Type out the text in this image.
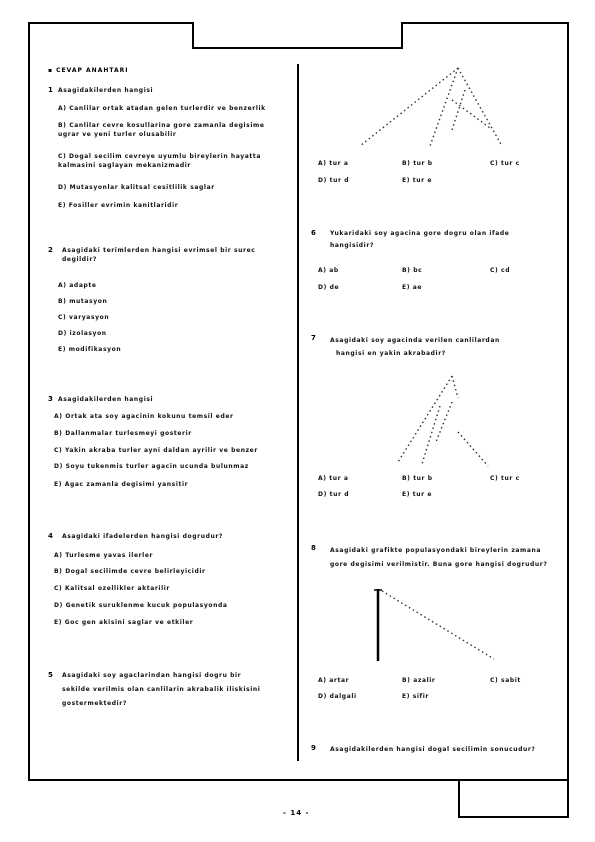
▪ CEVAP ANAHTARI
1 Asagidakilerden hangisi
A) Canlilar ortak atadan gelen turlerdir ve benzerlik
B) Canlilar cevre kosullarina gore zamanla degisime
ugrar ve yeni turler olusabilir
C) Dogal secilim cevreye uyumlu bireylerin hayatta
kalmasini saglayan mekanizmadir
D) Mutasyonlar kalitsal cesitlilik saglar
E) Fosiller evrimin kanitlaridir
2 Asagidaki terimlerden hangisi evrimsel bir surec
degildir?
A) adapte
B) mutasyon
C) varyasyon
D) izolasyon
E) modifikasyon
3 Asagidakilerden hangisi
A) Ortak ata soy agacinin kokunu temsil eder
B) Dallanmalar turlesmeyi gosterir
C) Yakin akraba turler ayni daldan ayrilir ve benzer
D) Soyu tukenmis turler agacin ucunda bulunmaz
E) Agac zamanla degisimi yansitir
4 Asagidaki ifadelerden hangisi dogrudur?
A) Turlesme yavas ilerler
B) Dogal secilimde cevre belirleyicidir
C) Kalitsal ozellikler aktarilir
D) Genetik suruklenme kucuk populasyonda
E) Goc gen akisini saglar ve etkiler
5 Asagidaki soy agaclarindan hangisi dogru bir
sekilde verilmis olan canlilarin akrabalik iliskisini
gostermektedir?
A) tur a	B) tur b	C) tur c
D) tur d	E) tur e
6 Yukaridaki soy agacina gore dogru olan ifade
hangisidir?
A) ab	B) bc	C) cd
D) de	E) ae
7 Asagidaki soy agacinda verilen canlilardan
hangisi en yakin akrabadir?
A) tur a	B) tur b	C) tur c
D) tur d	E) tur e
8 Asagidaki grafikte populasyondaki bireylerin zamana
gore degisimi verilmistir. Buna gore hangisi dogrudur?
A) artar	B) azalir	C) sabit
D) dalgali	E) sifir
9 Asagidakilerden hangisi dogal secilimin sonucudur?
- 14 -
